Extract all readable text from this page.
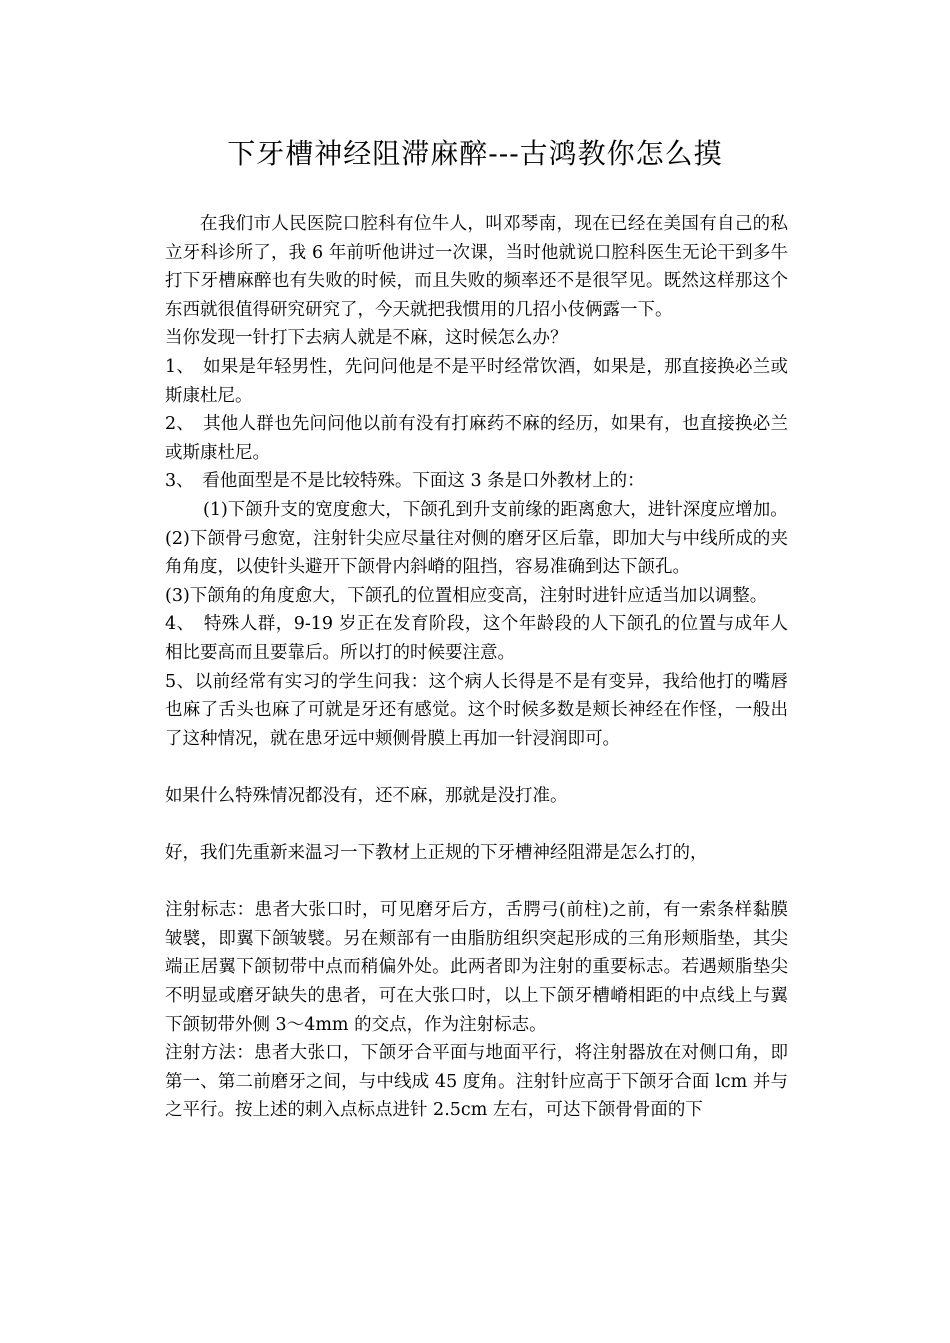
下牙槽神经阻滞麻醉---古鸿教你怎么摸

在我们市人民医院口腔科有位牛人，叫邓琴南，现在已经在美国有自己的私立牙科诊所了，我 6 年前听他讲过一次课，当时他就说口腔科医生无论干到多牛打下牙槽麻醉也有失败的时候，而且失败的频率还不是很罕见。既然这样那这个东西就很值得研究研究了，今天就把我惯用的几招小伎俩露一下。

当你发现一针打下去病人就是不麻，这时候怎么办？

1、　如果是年轻男性，先问问他是不是平时经常饮酒，如果是，那直接换必兰或斯康杜尼。

2、　其他人群也先问问他以前有没有打麻药不麻的经历，如果有，也直接换必兰或斯康杜尼。

3、　看他面型是不是比较特殊。下面这 3 条是口外教材上的：

(1)下颌升支的宽度愈大，下颌孔到升支前缘的距离愈大，进针深度应增加。

(2)下颌骨弓愈宽，注射针尖应尽量往对侧的磨牙区后靠，即加大与中线所成的夹角角度，以使针头避开下颌骨内斜嵴的阻挡，容易准确到达下颌孔。

(3)下颌角的角度愈大，下颌孔的位置相应变高，注射时进针应适当加以调整。

4、　特殊人群，9-19 岁正在发育阶段，这个年龄段的人下颌孔的位置与成年人相比要高而且要靠后。所以打的时候要注意。

5、以前经常有实习的学生问我：这个病人长得是不是有变异，我给他打的嘴唇也麻了舌头也麻了可就是牙还有感觉。这个时候多数是颊长神经在作怪，一般出了这种情况，就在患牙远中颊侧骨膜上再加一针浸润即可。

如果什么特殊情况都没有，还不麻，那就是没打准。

好，我们先重新来温习一下教材上正规的下牙槽神经阻滞是怎么打的，

注射标志：患者大张口时，可见磨牙后方，舌腭弓(前柱)之前，有一索条样黏膜皱襞，即翼下颌皱襞。另在颊部有一由脂肪组织突起形成的三角形颊脂垫，其尖端正居翼下颌韧带中点而稍偏外处。此两者即为注射的重要标志。若遇颊脂垫尖不明显或磨牙缺失的患者，可在大张口时，以上下颌牙槽嵴相距的中点线上与翼下颌韧带外侧 3～4mm 的交点，作为注射标志。

注射方法：患者大张口，下颌牙合平面与地面平行，将注射器放在对侧口角，即第一、第二前磨牙之间，与中线成 45 度角。注射针应高于下颌牙合面 lcm 并与之平行。按上述的刺入点标点进针 2.5cm 左右，可达下颌骨骨面的下
